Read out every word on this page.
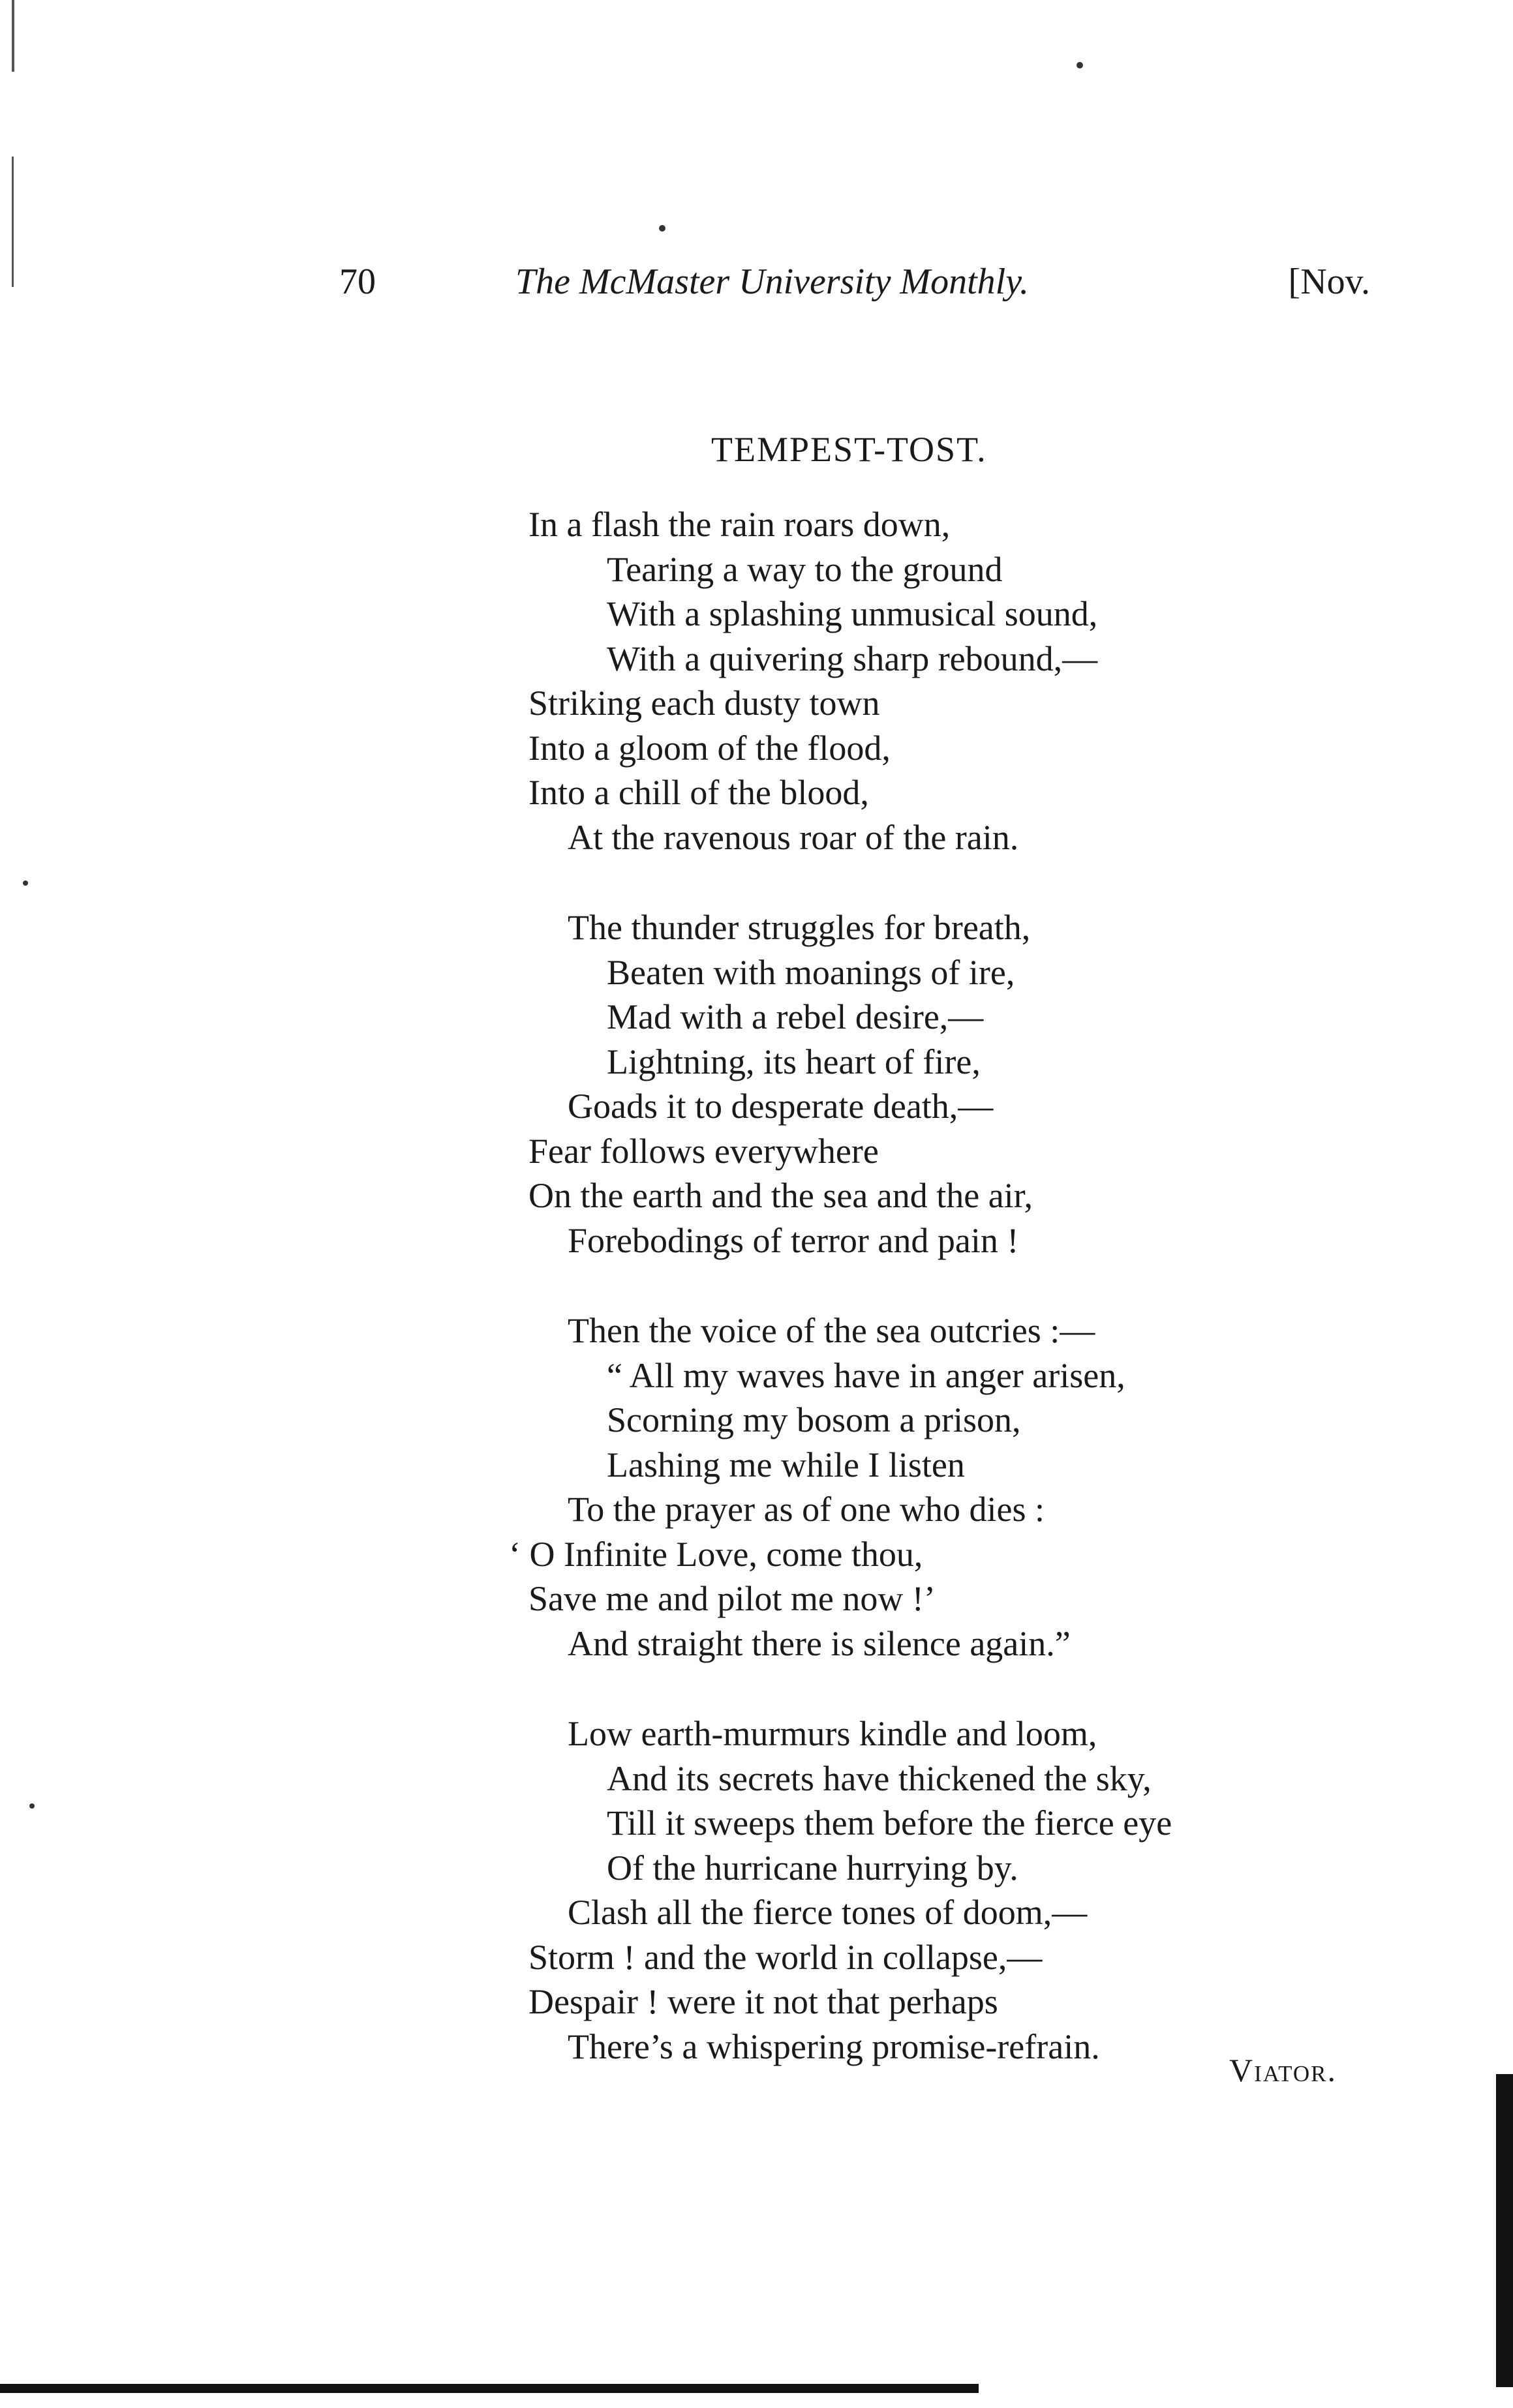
70	The McMaster University Monthly.	[Nov.
TEMPEST-TOST.
In a flash the rain roars down,
Tearing a way to the ground
With a splashing unmusical sound,
With a quivering sharp rebound,—
Striking each dusty town
Into a gloom of the flood,
Into a chill of the blood,
At the ravenous roar of the rain.
The thunder struggles for breath,
Beaten with moanings of ire,
Mad with a rebel desire,—
Lightning, its heart of fire,
Goads it to desperate death,—
Fear follows everywhere
On the earth and the sea and the air,
Forebodings of terror and pain !
Then the voice of the sea outcries :—
“ All my waves have in anger arisen,
Scorning my bosom a prison,
Lashing me while I listen
To the prayer as of one who dies :
‘ O Infinite Love, come thou,
Save me and pilot me now !’
And straight there is silence again.”
Low earth-murmurs kindle and loom,
And its secrets have thickened the sky,
Till it sweeps them before the fierce eye
Of the hurricane hurrying by.
Clash all the fierce tones of doom,—
Storm ! and the world in collapse,—
Despair ! were it not that perhaps
There’s a whispering promise-refrain.
Viator.
